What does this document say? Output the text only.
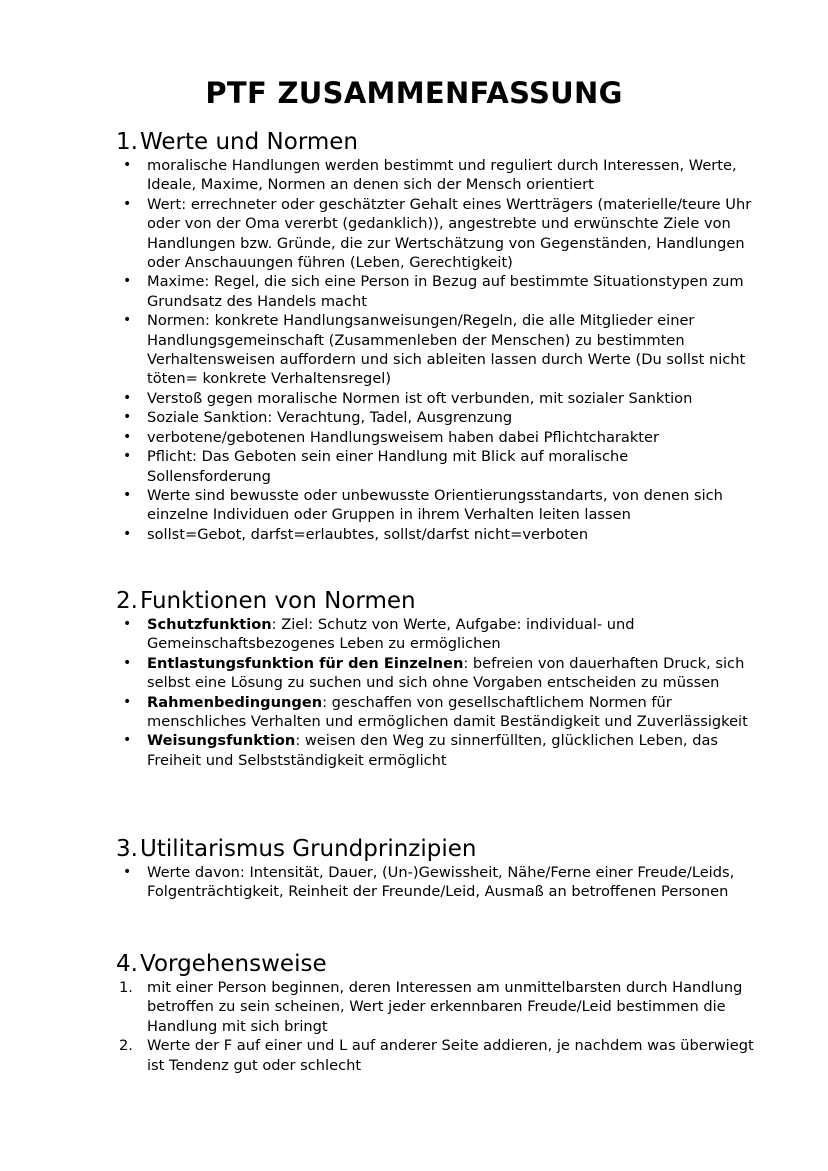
PTF ZUSAMMENFASSUNG
1. Werte und Normen
• moralische Handlungen werden bestimmt und reguliert durch Interessen, Werte, Ideale, Maxime, Normen an denen sich der Mensch orientiert
• Wert: errechneter oder geschätzter Gehalt eines Wertträgers (materielle/teure Uhr oder von der Oma vererbt (gedanklich)), angestrebte und erwünschte Ziele von Handlungen bzw. Gründe, die zur Wertschätzung von Gegenständen, Handlungen oder Anschauungen führen (Leben, Gerechtigkeit)
• Maxime: Regel, die sich eine Person in Bezug auf bestimmte Situationstypen zum Grundsatz des Handels macht
• Normen: konkrete Handlungsanweisungen/Regeln, die alle Mitglieder einer Handlungsgemeinschaft (Zusammenleben der Menschen) zu bestimmten Verhaltensweisen auffordern und sich ableiten lassen durch Werte (Du sollst nicht töten= konkrete Verhaltensregel)
• Verstoß gegen moralische Normen ist oft verbunden, mit sozialer Sanktion
• Soziale Sanktion: Verachtung, Tadel, Ausgrenzung
• verbotene/gebotenen Handlungsweisem haben dabei Pflichtcharakter
• Pflicht: Das Geboten sein einer Handlung mit Blick auf moralische Sollensforderung
• Werte sind bewusste oder unbewusste Orientierungsstandarts, von denen sich einzelne Individuen oder Gruppen in ihrem Verhalten leiten lassen
• sollst=Gebot, darfst=erlaubtes, sollst/darfst nicht=verboten
2. Funktionen von Normen
• Schutzfunktion: Ziel: Schutz von Werte, Aufgabe: individual- und Gemeinschaftsbezogenes Leben zu ermöglichen
• Entlastungsfunktion für den Einzelnen: befreien von dauerhaften Druck, sich selbst eine Lösung zu suchen und sich ohne Vorgaben entscheiden zu müssen
• Rahmenbedingungen: geschaffen von gesellschaftlichem Normen für menschliches Verhalten und ermöglichen damit Beständigkeit und Zuverlässigkeit
• Weisungsfunktion: weisen den Weg zu sinnerfüllten, glücklichen Leben, das Freiheit und Selbstständigkeit ermöglicht
3. Utilitarismus Grundprinzipien
• Werte davon: Intensität, Dauer, (Un-)Gewissheit, Nähe/Ferne einer Freude/Leids, Folgenträchtigkeit, Reinheit der Freunde/Leid, Ausmaß an betroffenen Personen
4. Vorgehensweise
1. mit einer Person beginnen, deren Interessen am unmittelbarsten durch Handlung betroffen zu sein scheinen, Wert jeder erkennbaren Freude/Leid bestimmen die Handlung mit sich bringt
2. Werte der F auf einer und L auf anderer Seite addieren, je nachdem was überwiegt ist Tendenz gut oder schlecht
